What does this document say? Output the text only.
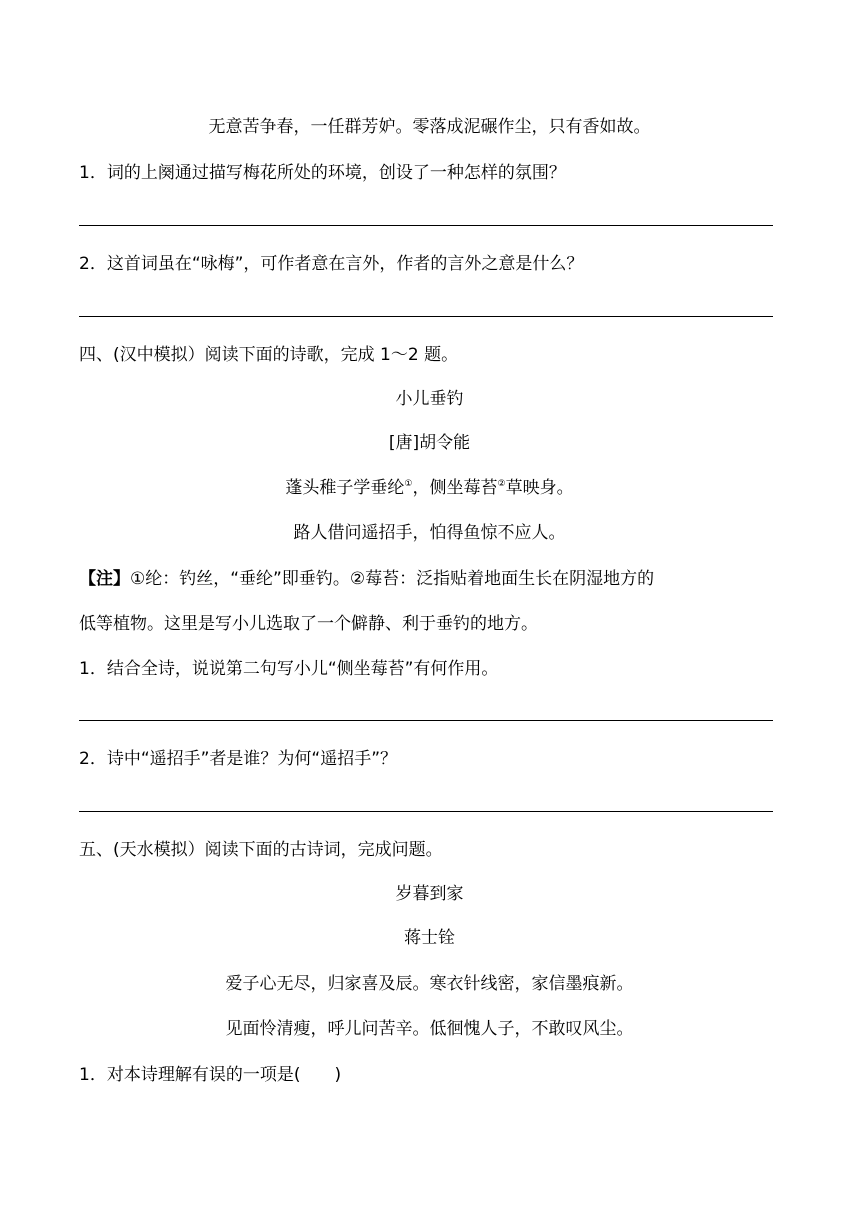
无意苦争春，一任群芳妒。零落成泥碾作尘，只有香如故。
1．词的上阕通过描写梅花所处的环境，创设了一种怎样的氛围？
2．这首词虽在“咏梅”，可作者意在言外，作者的言外之意是什么？
四、(汉中模拟）阅读下面的诗歌，完成 1～2 题。
小儿垂钓
[唐]胡令能
蓬头稚子学垂纶①，侧坐莓苔②草映身。
路人借问遥招手，怕得鱼惊不应人。
【注】①纶：钓丝，“垂纶”即垂钓。②莓苔：泛指贴着地面生长在阴湿地方的
低等植物。这里是写小儿选取了一个僻静、利于垂钓的地方。
1．结合全诗，说说第二句写小儿“侧坐莓苔”有何作用。
2．诗中“遥招手”者是谁？为何“遥招手”？
五、(天水模拟）阅读下面的古诗词，完成问题。
岁暮到家
蒋士铨
爱子心无尽，归家喜及辰。寒衣针线密，家信墨痕新。
见面怜清瘦，呼儿问苦辛。低徊愧人子，不敢叹风尘。
1．对本诗理解有误的一项是(　　)
